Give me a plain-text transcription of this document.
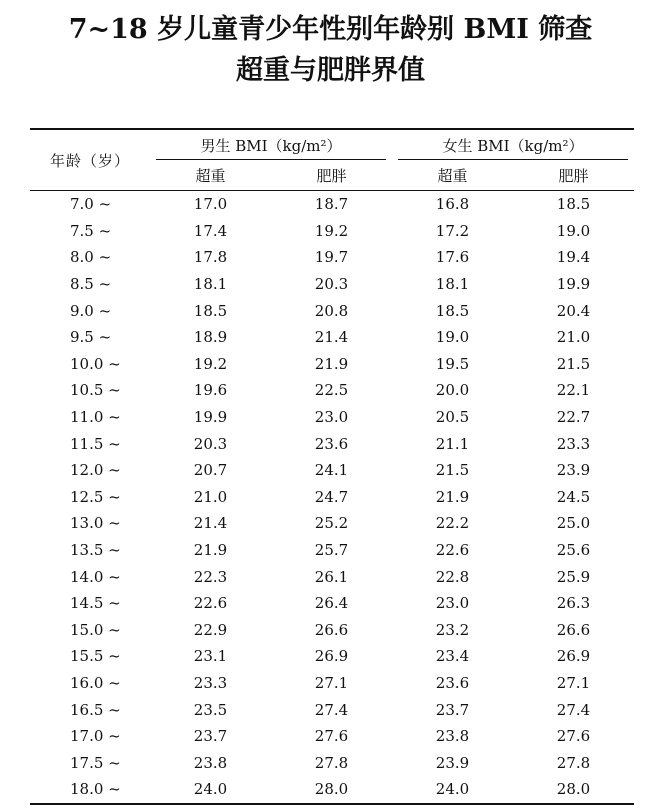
7~18 岁儿童青少年性别年龄别 BMI 筛查
超重与肥胖界值
年龄（岁）	男生 BMI（kg/m²）		女生 BMI（kg/m²）	

	超重	肥胖	超重	肥胖
7.0 ~	17.0	18.7	16.8	18.5
7.5 ~	17.4	19.2	17.2	19.0
8.0 ~	17.8	19.7	17.6	19.4
8.5 ~	18.1	20.3	18.1	19.9
9.0 ~	18.5	20.8	18.5	20.4
9.5 ~	18.9	21.4	19.0	21.0
10.0 ~	19.2	21.9	19.5	21.5
10.5 ~	19.6	22.5	20.0	22.1
11.0 ~	19.9	23.0	20.5	22.7
11.5 ~	20.3	23.6	21.1	23.3
12.0 ~	20.7	24.1	21.5	23.9
12.5 ~	21.0	24.7	21.9	24.5
13.0 ~	21.4	25.2	22.2	25.0
13.5 ~	21.9	25.7	22.6	25.6
14.0 ~	22.3	26.1	22.8	25.9
14.5 ~	22.6	26.4	23.0	26.3
15.0 ~	22.9	26.6	23.2	26.6
15.5 ~	23.1	26.9	23.4	26.9
16.0 ~	23.3	27.1	23.6	27.1
16.5 ~	23.5	27.4	23.7	27.4
17.0 ~	23.7	27.6	23.8	27.6
17.5 ~	23.8	27.8	23.9	27.8
18.0 ~	24.0	28.0	24.0	28.0
